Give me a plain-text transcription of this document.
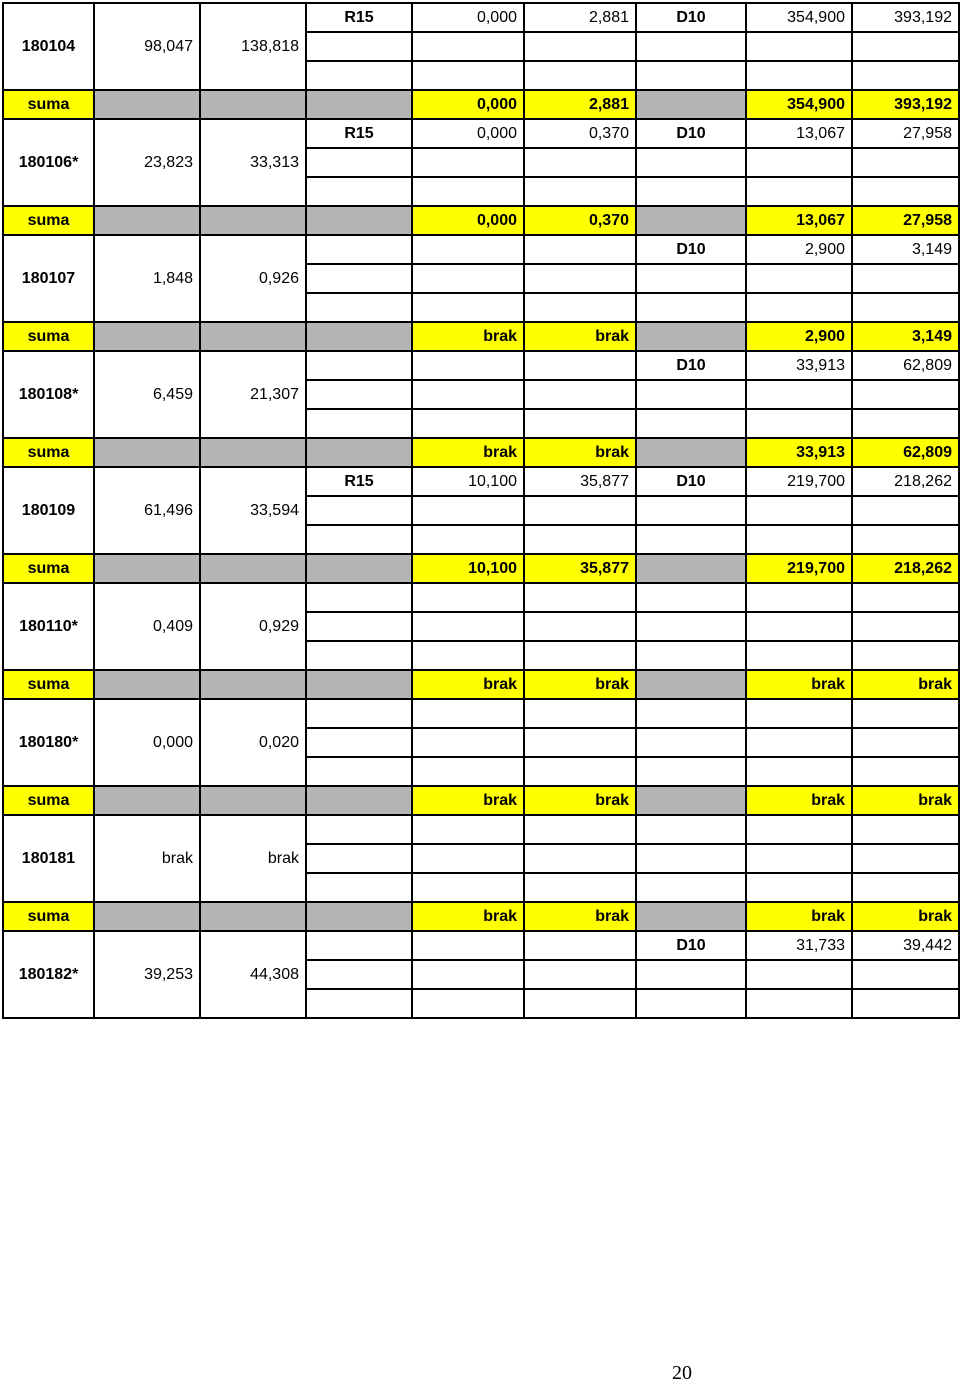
180104	98,047	138,818	R15	0,000	2,881	D10	354,900	393,192

suma				0,000	2,881		354,900	393,192
180106*	23,823	33,313	R15	0,000	0,370	D10	13,067	27,958

suma				0,000	0,370		13,067	27,958
180107	1,848	0,926				D10	2,900	3,149

suma				brak	brak		2,900	3,149
180108*	6,459	21,307				D10	33,913	62,809

suma				brak	brak		33,913	62,809
180109	61,496	33,594	R15	10,100	35,877	D10	219,700	218,262

suma				10,100	35,877		219,700	218,262
180110*	0,409	0,929						

suma				brak	brak		brak	brak
180180*	0,000	0,020						

suma				brak	brak		brak	brak
180181	brak	brak						

suma				brak	brak		brak	brak
180182*	39,253	44,308				D10	31,733	39,442

20
